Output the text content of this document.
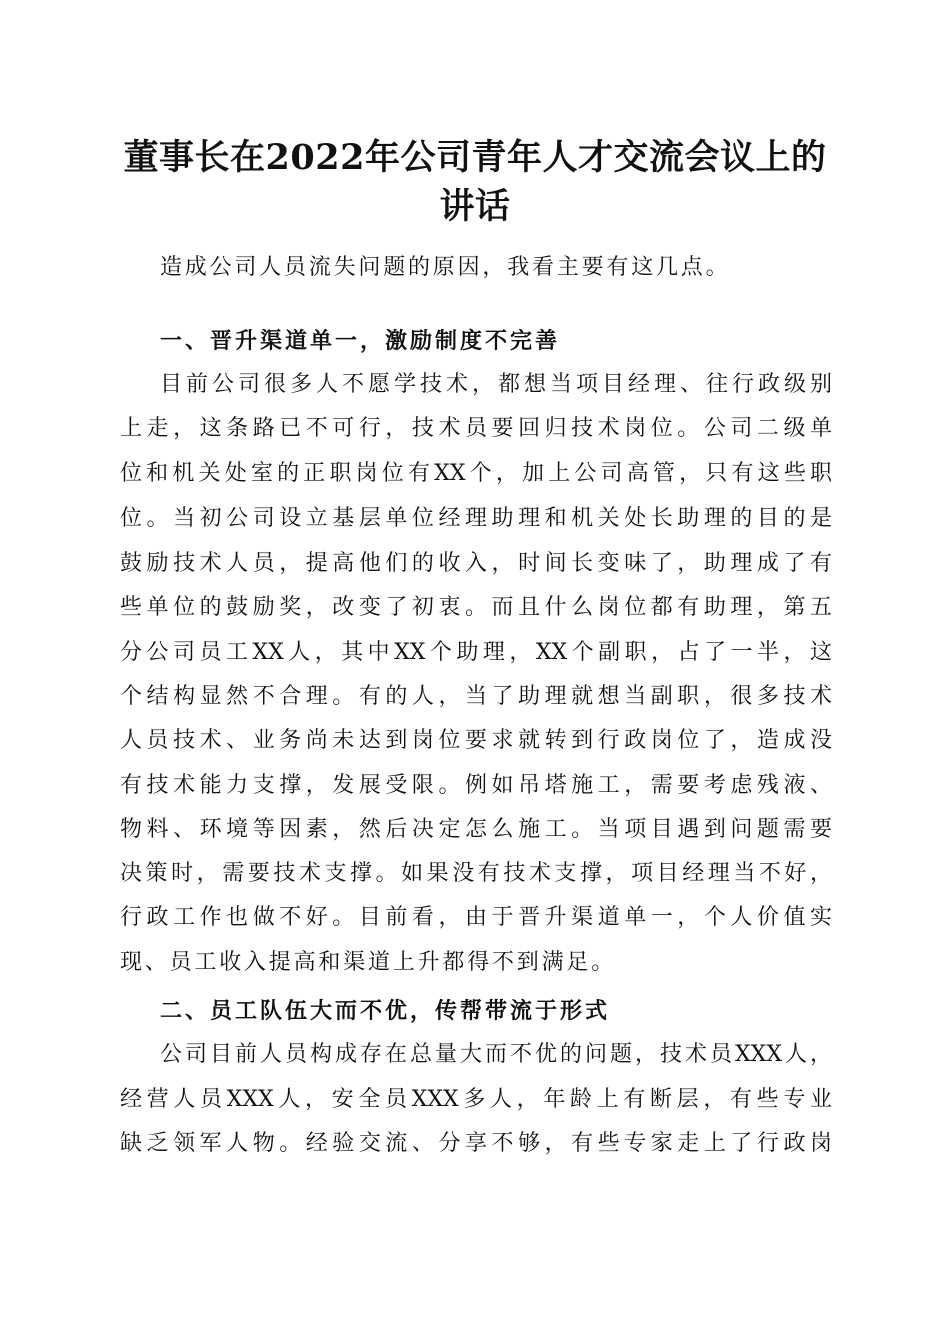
董事长在2022年公司青年人才交流会议上的
讲话
造成公司人员流失问题的原因，我看主要有这几点。
一、晋升渠道单一，激励制度不完善
目前公司很多人不愿学技术，都想当项目经理、往行政级别
上走，这条路已不可行，技术员要回归技术岗位。公司二级单
位和机关处室的正职岗位有XX个，加上公司高管，只有这些职
位。当初公司设立基层单位经理助理和机关处长助理的目的是
鼓励技术人员，提高他们的收入，时间长变味了，助理成了有
些单位的鼓励奖，改变了初衷。而且什么岗位都有助理，第五
分公司员工XX人，其中XX个助理，XX个副职，占了一半，这
个结构显然不合理。有的人，当了助理就想当副职，很多技术
人员技术、业务尚未达到岗位要求就转到行政岗位了，造成没
有技术能力支撑，发展受限。例如吊塔施工，需要考虑残液、
物料、环境等因素，然后决定怎么施工。当项目遇到问题需要
决策时，需要技术支撑。如果没有技术支撑，项目经理当不好，
行政工作也做不好。目前看，由于晋升渠道单一，个人价值实
现、员工收入提高和渠道上升都得不到满足。
二、员工队伍大而不优，传帮带流于形式
公司目前人员构成存在总量大而不优的问题，技术员XXX人，
经营人员XXX人，安全员XXX多人，年龄上有断层，有些专业
缺乏领军人物。经验交流、分享不够，有些专家走上了行政岗
